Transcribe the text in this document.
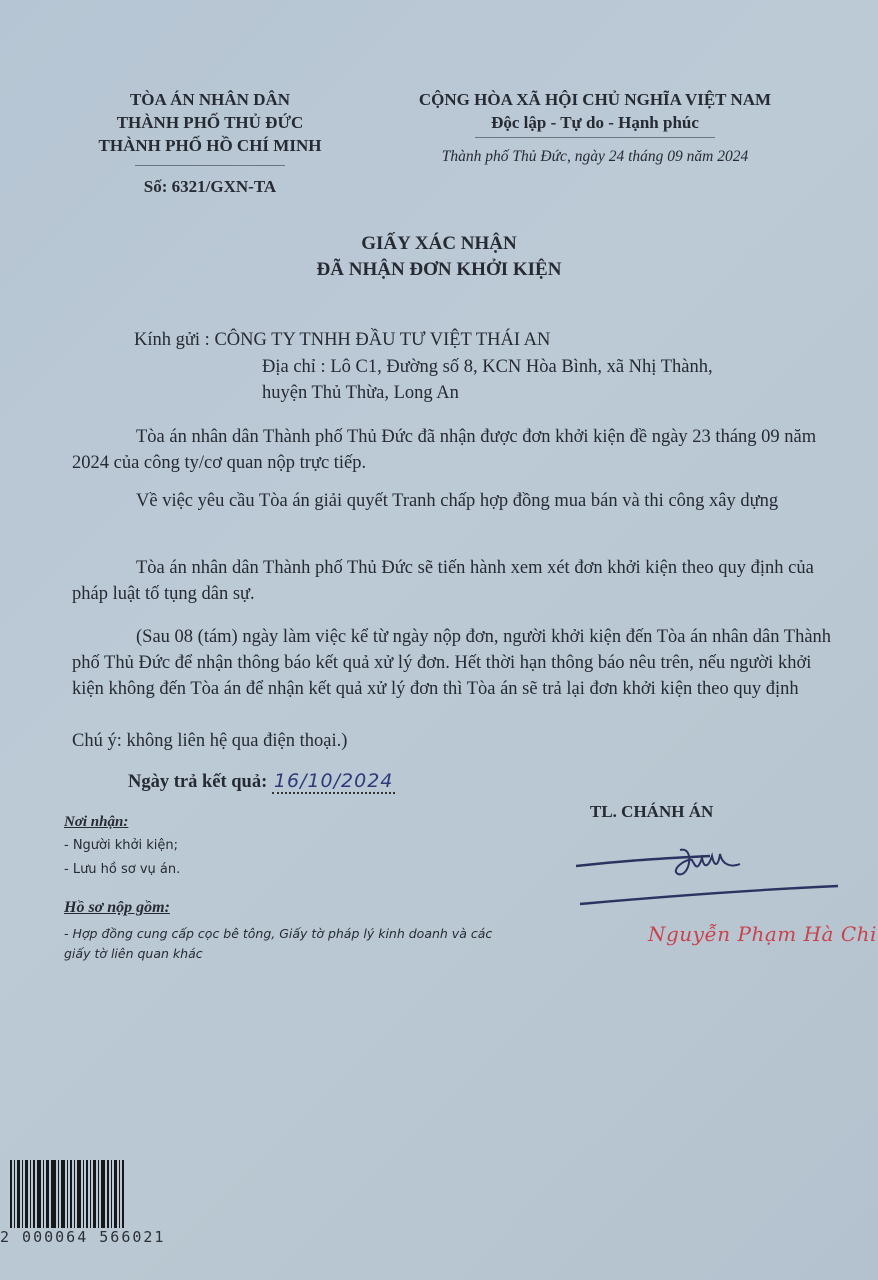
TÒA ÁN NHÂN DÂN
THÀNH PHỐ THỦ ĐỨC
THÀNH PHỐ HỒ CHÍ MINH
Số: 6321/GXN-TA
CỘNG HÒA XÃ HỘI CHỦ NGHĨA VIỆT NAM
Độc lập - Tự do - Hạnh phúc
Thành phố Thủ Đức, ngày 24 tháng 09 năm 2024
GIẤY XÁC NHẬN
ĐÃ NHẬN ĐƠN KHỞI KIỆN
Kính gửi : CÔNG TY TNHH ĐẦU TƯ VIỆT THÁI AN
Địa chỉ : Lô C1, Đường số 8, KCN Hòa Bình, xã Nhị Thành,
huyện Thủ Thừa, Long An
Tòa án nhân dân Thành phố Thủ Đức đã nhận được đơn khởi kiện đề ngày 23 tháng 09 năm 2024 của công ty/cơ quan nộp trực tiếp.
Về việc yêu cầu Tòa án giải quyết Tranh chấp hợp đồng mua bán và thi công xây dựng
Tòa án nhân dân Thành phố Thủ Đức sẽ tiến hành xem xét đơn khởi kiện theo quy định của pháp luật tố tụng dân sự.
(Sau 08 (tám) ngày làm việc kể từ ngày nộp đơn, người khởi kiện đến Tòa án nhân dân Thành phố Thủ Đức để nhận thông báo kết quả xử lý đơn. Hết thời hạn thông báo nêu trên, nếu người khởi kiện không đến Tòa án để nhận kết quả xử lý đơn thì Tòa án sẽ trả lại đơn khởi kiện theo quy định
Chú ý: không liên hệ qua điện thoại.)
Ngày trả kết quả: 16/10/2024
Nơi nhận:
- Người khởi kiện;
- Lưu hồ sơ vụ án.
Hồ sơ nộp gồm:
- Hợp đồng cung cấp cọc bê tông, Giấy tờ pháp lý kinh doanh và các giấy tờ liên quan khác
TL. CHÁNH ÁN
Nguyễn Phạm Hà Chi
2 000064 566021
